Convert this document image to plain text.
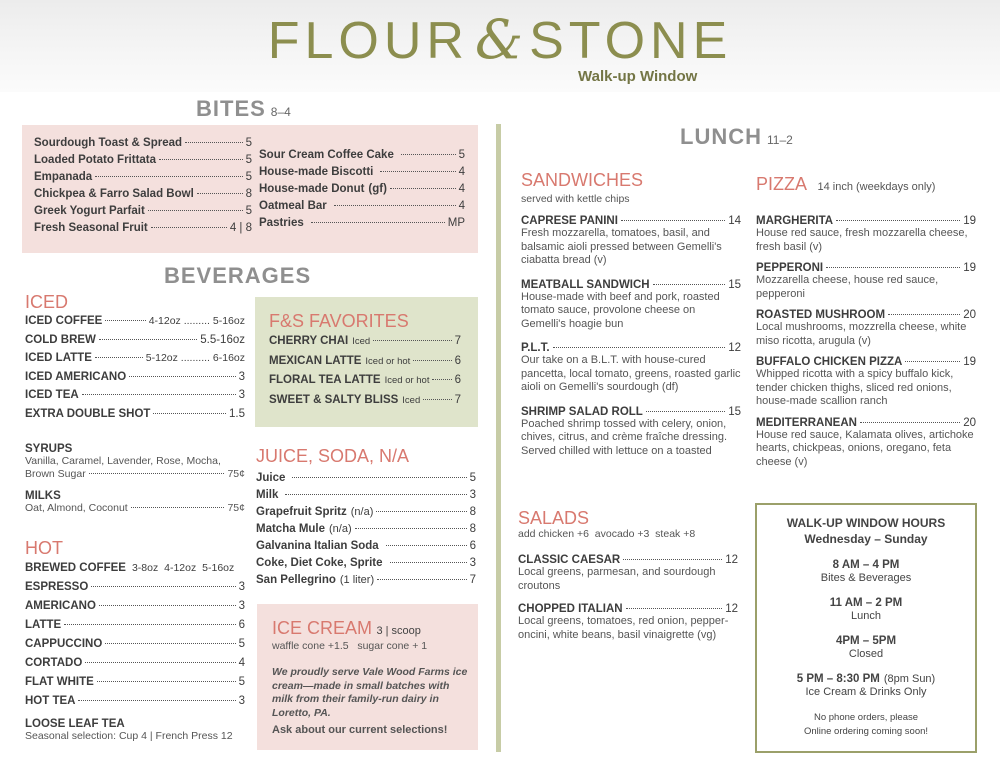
FLOUR & STONE
Walk-up Window
BITES 8–4
Sourdough Toast & Spread	5
Loaded Potato Frittata	5
Empanada	5
Chickpea & Farro Salad Bowl	8
Greek Yogurt Parfait	5
Fresh Seasonal Fruit	4 | 8
Sour Cream Coffee Cake	5
House-made Biscotti	4
House-made Donut (gf)	4
Oatmeal Bar	4
Pastries	MP
BEVERAGES
ICED
ICED COFFEE	4-12oz ......... 5-16oz
COLD BREW	5.5-16oz
ICED LATTE	5-12oz .......... 6-16oz
ICED AMERICANO	3
ICED TEA	3
EXTRA DOUBLE SHOT	1.5
SYRUPS
Vanilla, Caramel, Lavender, Rose, Mocha,
Brown Sugar	75¢
MILKS
Oat, Almond, Coconut	75¢
HOT
BREWED COFFEE 3-8oz 4-12oz 5-16oz
ESPRESSO	3
AMERICANO	3
LATTE	6
CAPPUCCINO	5
CORTADO	4
FLAT WHITE	5
HOT TEA	3
LOOSE LEAF TEA
Seasonal selection: Cup 4 | French Press 12
F&S FAVORITES
CHERRY CHAI Iced	7
MEXICAN LATTE Iced or hot	6
FLORAL TEA LATTE Iced or hot 6
SWEET & SALTY BLISS Iced	7
JUICE, SODA, N/A
Juice	5
Milk	3
Grapefruit Spritz (n/a)	8
Matcha Mule (n/a)	8
Galvanina Italian Soda	6
Coke, Diet Coke, Sprite	3
San Pellegrino (1 liter)	7
ICE CREAM 3 | scoop
waffle cone +1.5   sugar cone + 1
We proudly serve Vale Wood Farms ice cream—made in small batches with milk from their family-run dairy in Loretto, PA.
Ask about our current selections!
LUNCH 11–2
SANDWICHES
served with kettle chips
CAPRESE PANINI	14
Fresh mozzarella, tomatoes, basil, and balsamic aioli pressed between Gemelli's ciabatta bread (v)
MEATBALL SANDWICH	15
House-made with beef and pork, roasted tomato sauce, provolone cheese on Gemelli's hoagie bun
P.L.T.	12
Our take on a B.L.T. with house-cured pancetta, local tomato, greens, roasted garlic aioli on Gemelli's sourdough (df)
SHRIMP SALAD ROLL	15
Poached shrimp tossed with celery, onion, chives, citrus, and crème fraîche dressing. Served chilled with lettuce on a toasted
PIZZA 14 inch (weekdays only)
MARGHERITA	19
House red sauce, fresh mozzarella cheese, fresh basil (v)
PEPPERONI	19
Mozzarella cheese, house red sauce, pepperoni
ROASTED MUSHROOM	20
Local mushrooms, mozzrella cheese, white miso ricotta, arugula (v)
BUFFALO CHICKEN PIZZA	19
Whipped ricotta with a spicy buffalo kick, tender chicken thighs, sliced red onions, house-made scallion ranch
MEDITERRANEAN	20
House red sauce, Kalamata olives, artichoke hearts, chickpeas, onions, oregano, feta cheese (v)
SALADS
add chicken +6  avocado +3  steak +8
CLASSIC CAESAR	12
Local greens, parmesan, and sourdough croutons
CHOPPED ITALIAN	12
Local greens, tomatoes, red onion, pepper-oncini, white beans, basil vinaigrette (vg)
WALK-UP WINDOW HOURS
Wednesday – Sunday
8 AM – 4 PM
Bites & Beverages
11 AM – 2 PM
Lunch
4PM – 5PM
Closed
5 PM – 8:30 PM (8pm Sun)
Ice Cream & Drinks Only
No phone orders, please
Online ordering coming soon!
